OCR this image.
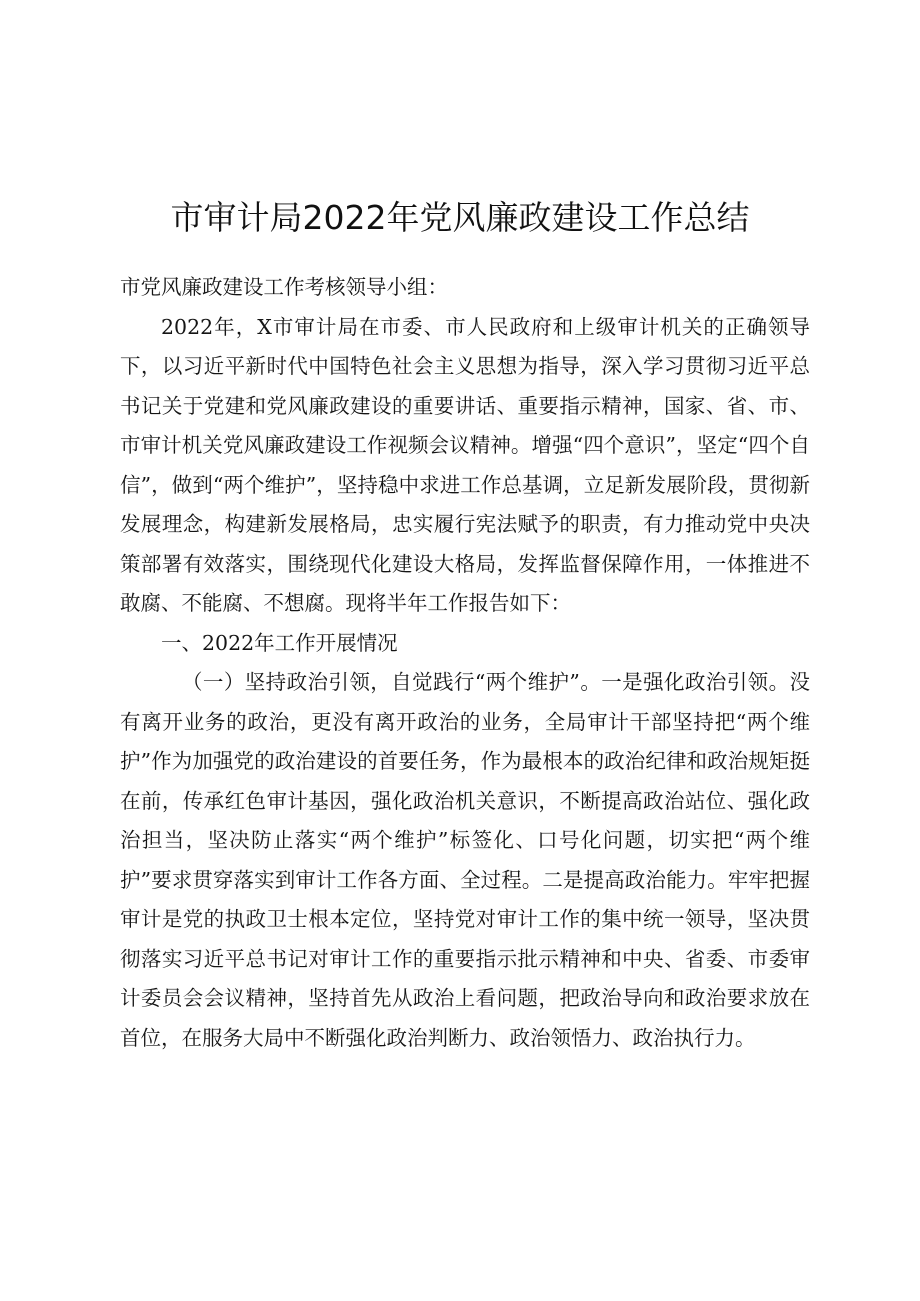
市审计局2022年党风廉政建设工作总结

市党风廉政建设工作考核领导小组：

2022年，X市审计局在市委、市人民政府和上级审计机关的正确领导下，以习近平新时代中国特色社会主义思想为指导，深入学习贯彻习近平总书记关于党建和党风廉政建设的重要讲话、重要指示精神，国家、省、市、市审计机关党风廉政建设工作视频会议精神。增强“四个意识”，坚定“四个自信”，做到“两个维护”，坚持稳中求进工作总基调，立足新发展阶段，贯彻新发展理念，构建新发展格局，忠实履行宪法赋予的职责，有力推动党中央决策部署有效落实，围绕现代化建设大格局，发挥监督保障作用，一体推进不敢腐、不能腐、不想腐。现将半年工作报告如下：

一、2022年工作开展情况

（一）坚持政治引领，自觉践行“两个维护”。一是强化政治引领。没有离开业务的政治，更没有离开政治的业务，全局审计干部坚持把“两个维护”作为加强党的政治建设的首要任务，作为最根本的政治纪律和政治规矩挺在前，传承红色审计基因，强化政治机关意识，不断提高政治站位、强化政治担当，坚决防止落实“两个维护”标签化、口号化问题，切实把“两个维护”要求贯穿落实到审计工作各方面、全过程。二是提高政治能力。牢牢把握审计是党的执政卫士根本定位，坚持党对审计工作的集中统一领导，坚决贯彻落实习近平总书记对审计工作的重要指示批示精神和中央、省委、市委审计委员会会议精神，坚持首先从政治上看问题，把政治导向和政治要求放在首位，在服务大局中不断强化政治判断力、政治领悟力、政治执行力。
